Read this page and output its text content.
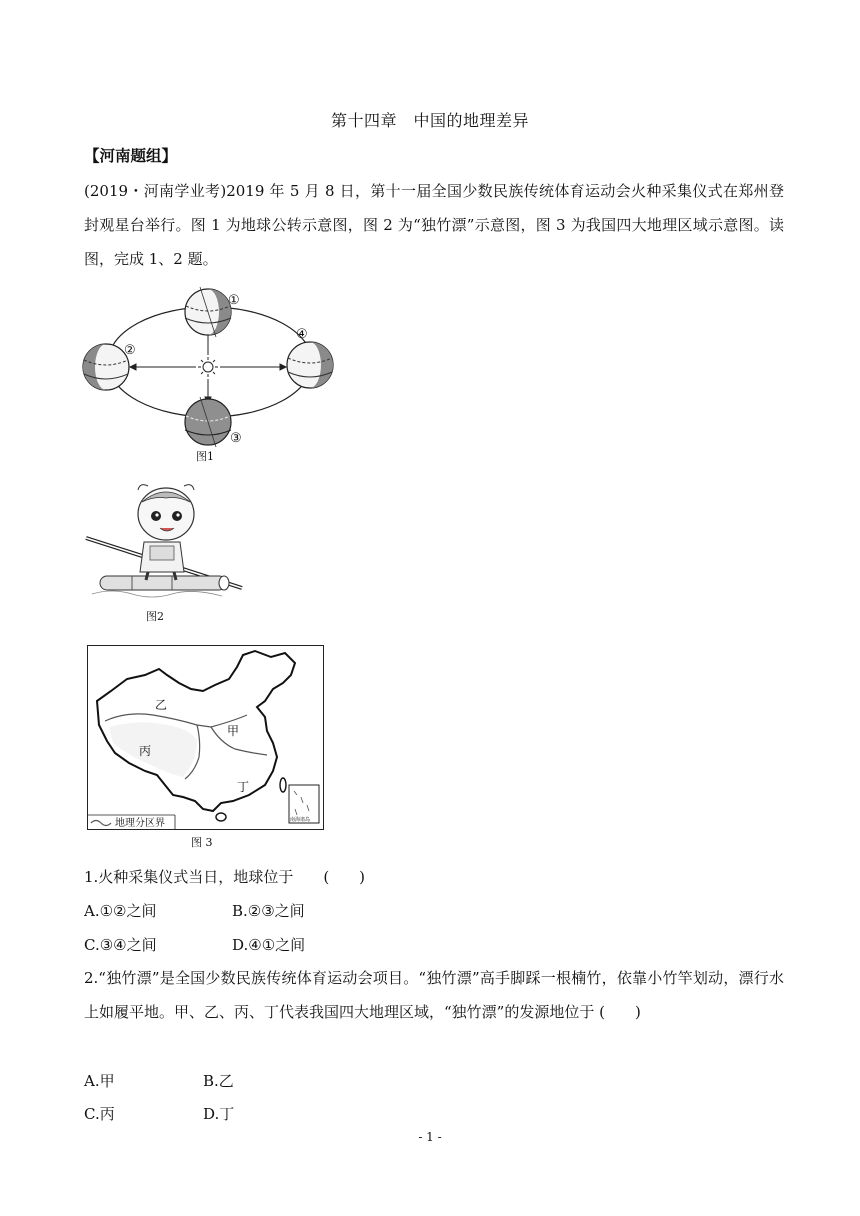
第十四章　中国的地理差异
【河南题组】
(2019・河南学业考)2019 年 5 月 8 日，第十一届全国少数民族传统体育运动会火种采集仪式在郑州登封观星台举行。图 1 为地球公转示意图，图 2 为“独竹漂”示意图，图 3 为我国四大地理区域示意图。读图，完成 1、2 题。
①
②
③
④
图1
图2
甲
乙
丙
丁
南海诸岛
地理分区界
图 3
1.火种采集仪式当日，地球位于　　(　　)
A.①②之间	B.②③之间
C.③④之间	D.④①之间
2.“独竹漂”是全国少数民族传统体育运动会项目。“独竹漂”高手脚踩一根楠竹，依靠小竹竿划动，漂行水上如履平地。甲、乙、丙、丁代表我国四大地理区域，“独竹漂”的发源地位于 (　　)
A.甲	B.乙
C.丙	D.丁
- 1 -
